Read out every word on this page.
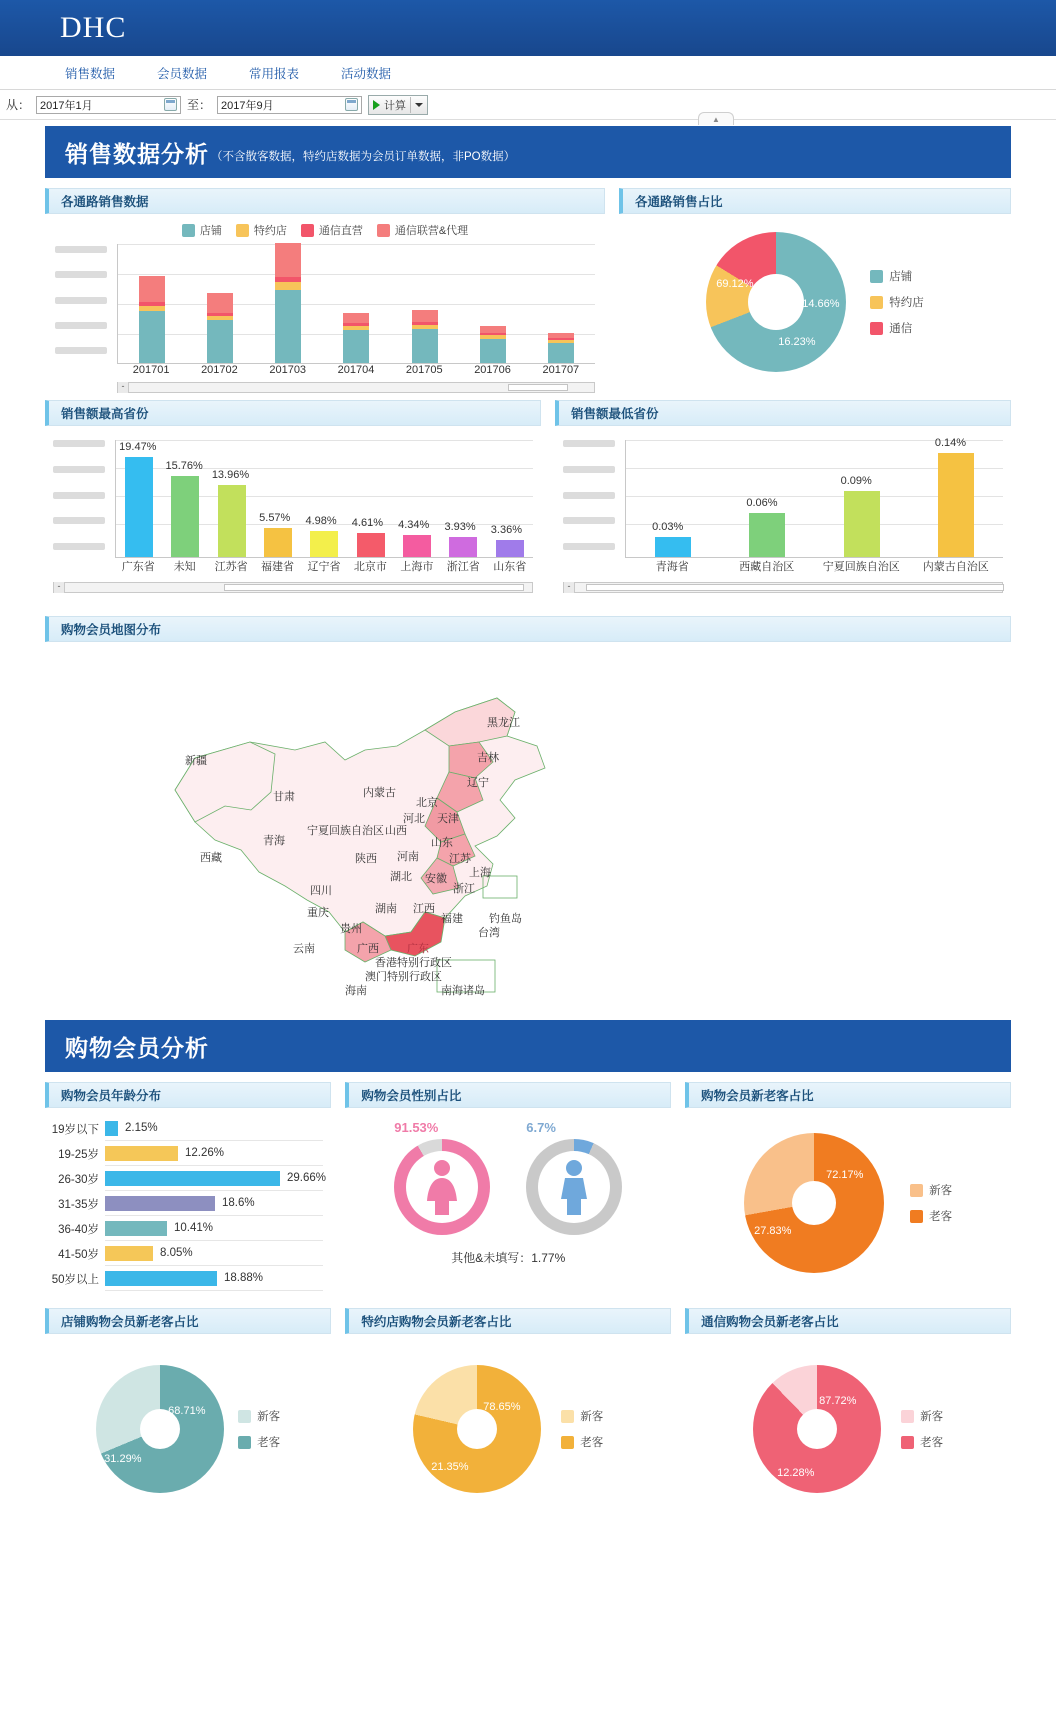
DHC
销售数据	会员数据	常用报表	活动数据
从： 2017年1月	至： 2017年9月	计算
▲
销售数据分析 （不含散客数据，特约店数据为会员订单数据，非PO数据）
各通路销售数据
店铺	特约店	通信直营	通信联营&代理
201701	201702	201703	201704	201705	201706	201707
-
各通路销售占比
69.12%
14.66%
16.23%
店铺
特约店
通信
销售额最高省份
19.47%
15.76%
13.96%
5.57% 4.98% 4.61% 4.34% 3.93% 3.36%
广东省	未知	江苏省	福建省	辽宁省	北京市	上海市	浙江省	山东省
-
销售额最低省份
0.03%
0.06%
0.09%
0.14%
青海省	西藏自治区	宁夏回族自治区	内蒙古自治区
-
购物会员地图分布
黑龙江
吉林
辽宁
新疆
甘肃	内蒙古
北京
河北 天津
宁夏回族自治区 山西
青海	山东
西藏	陕西 河南	江苏
上海
四川
湖北 安徽
浙江
重庆	湖南 江西
福建
贵州
云南	广西	广东
台湾
钓鱼岛
海南
香港特别行政区
澳门特别行政区
南海诸岛
购物会员分析
购物会员年龄分布
19岁以下	2.15%
19-25岁	12.26%
26-30岁	29.66%
31-35岁	18.6%
36-40岁	10.41%
41-50岁	8.05%
50岁以上	18.88%
购物会员性别占比
91.53%	6.7%
其他&未填写：1.77%
购物会员新老客占比
72.17%
27.83%
新客
老客
店铺购物会员新老客占比
68.71%
31.29%
新客
老客
特约店购物会员新老客占比
78.65%
21.35%
新客
老客
通信购物会员新老客占比
87.72%
12.28%
新客
老客
